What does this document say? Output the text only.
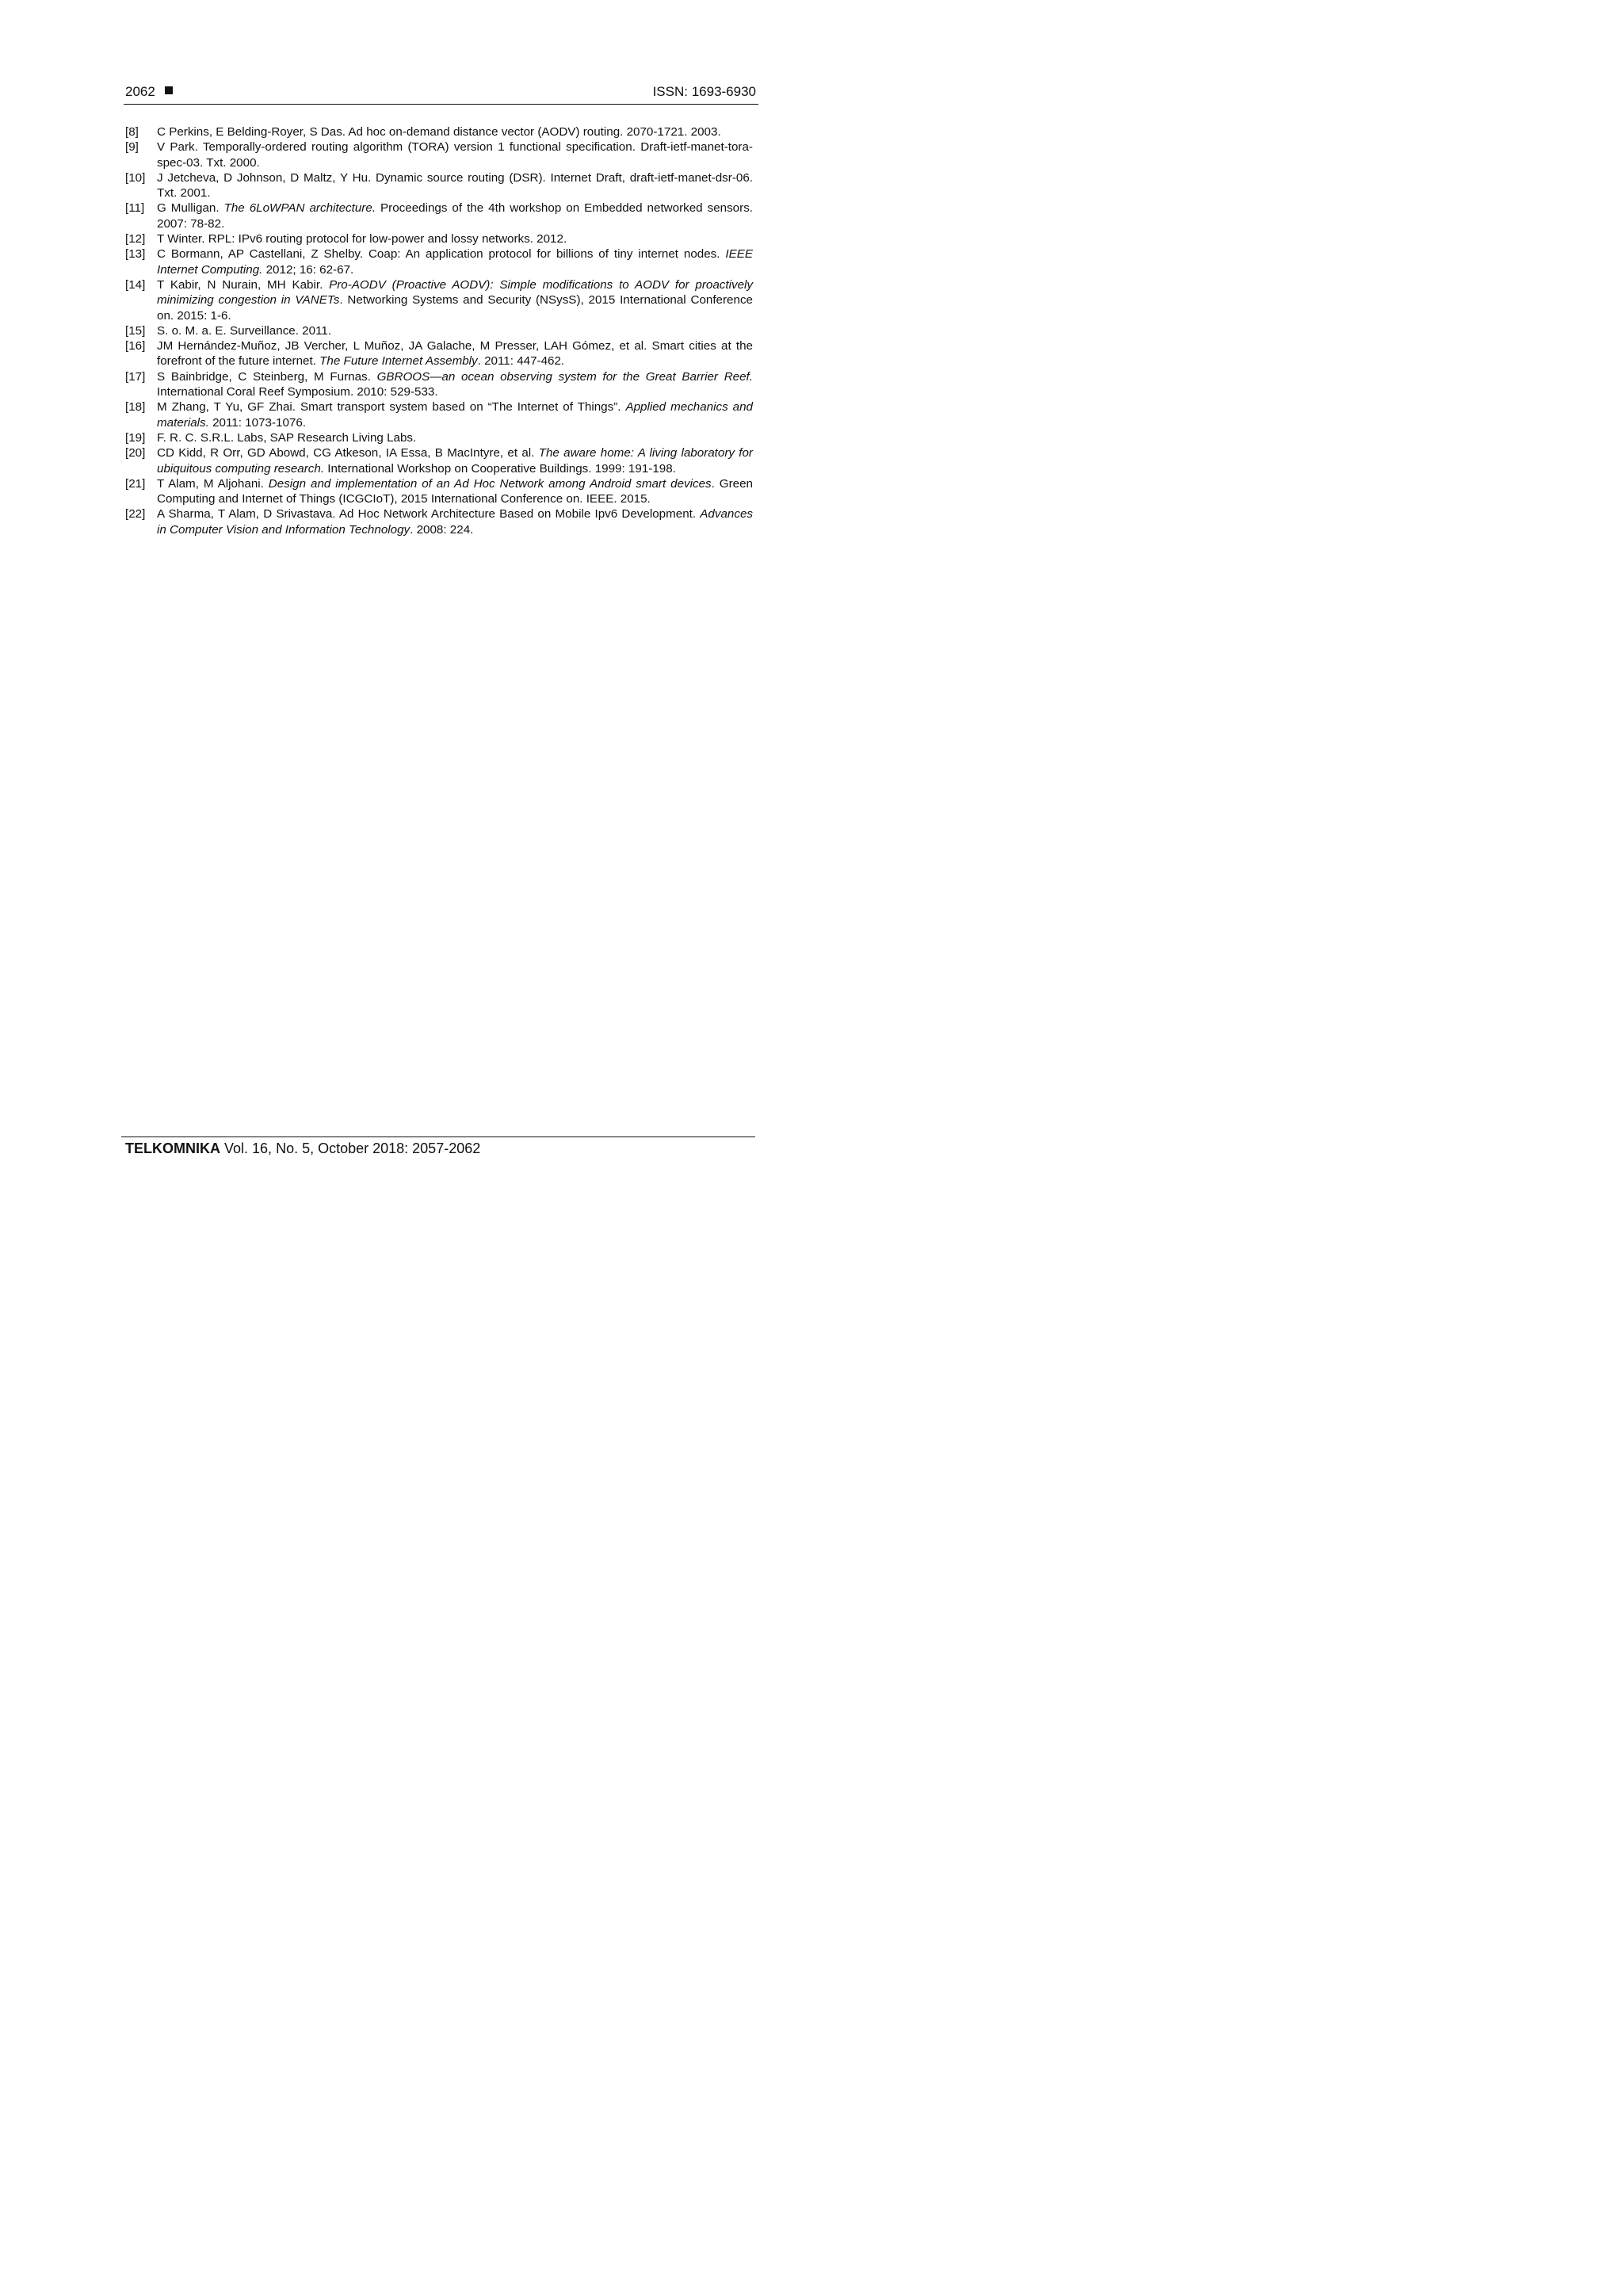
2062	ISSN: 1693-6930
[8] C Perkins, E Belding-Royer, S Das. Ad hoc on-demand distance vector (AODV) routing. 2070-1721. 2003.
[9] V Park. Temporally-ordered routing algorithm (TORA) version 1 functional specification. Draft-ietf-manet-tora-spec-03. Txt. 2000.
[10] J Jetcheva, D Johnson, D Maltz, Y Hu. Dynamic source routing (DSR). Internet Draft, draft-ietf-manet-dsr-06. Txt. 2001.
[11] G Mulligan. The 6LoWPAN architecture. Proceedings of the 4th workshop on Embedded networked sensors. 2007: 78-82.
[12] T Winter. RPL: IPv6 routing protocol for low-power and lossy networks. 2012.
[13] C Bormann, AP Castellani, Z Shelby. Coap: An application protocol for billions of tiny internet nodes. IEEE Internet Computing. 2012; 16: 62-67.
[14] T Kabir, N Nurain, MH Kabir. Pro-AODV (Proactive AODV): Simple modifications to AODV for proactively minimizing congestion in VANETs. Networking Systems and Security (NSysS), 2015 International Conference on. 2015: 1-6.
[15] S. o. M. a. E. Surveillance. 2011.
[16] JM Hernández-Muñoz, JB Vercher, L Muñoz, JA Galache, M Presser, LAH Gómez, et al. Smart cities at the forefront of the future internet. The Future Internet Assembly. 2011: 447-462.
[17] S Bainbridge, C Steinberg, M Furnas. GBROOS—an ocean observing system for the Great Barrier Reef. International Coral Reef Symposium. 2010: 529-533.
[18] M Zhang, T Yu, GF Zhai. Smart transport system based on “The Internet of Things”. Applied mechanics and materials. 2011: 1073-1076.
[19] F. R. C. S.R.L. Labs, SAP Research Living Labs.
[20] CD Kidd, R Orr, GD Abowd, CG Atkeson, IA Essa, B MacIntyre, et al. The aware home: A living laboratory for ubiquitous computing research. International Workshop on Cooperative Buildings. 1999: 191-198.
[21] T Alam, M Aljohani. Design and implementation of an Ad Hoc Network among Android smart devices. Green Computing and Internet of Things (ICGCIoT), 2015 International Conference on. IEEE. 2015.
[22] A Sharma, T Alam, D Srivastava. Ad Hoc Network Architecture Based on Mobile Ipv6 Development. Advances in Computer Vision and Information Technology. 2008: 224.
TELKOMNIKA Vol. 16, No. 5, October 2018: 2057-2062
